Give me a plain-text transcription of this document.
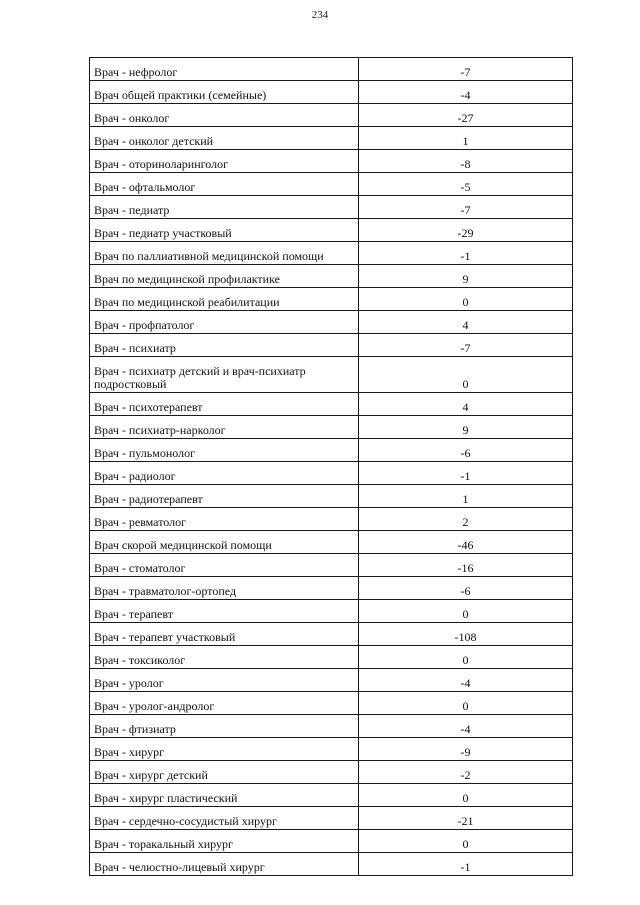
234
Врач - нефролог	-7
Врач общей практики (семейные)	-4
Врач - онколог	-27
Врач - онколог детский	1
Врач - оториноларинголог	-8
Врач - офтальмолог	-5
Врач - педиатр	-7
Врач - педиатр участковый	-29
Врач по паллиативной медицинской помощи	-1
Врач по медицинской профилактике	9
Врач по медицинской реабилитации	0
Врач - профпатолог	4
Врач - психиатр	-7
Врач - психиатр детский и врач-психиатр подростковый	0
Врач - психотерапевт	4
Врач - психиатр-нарколог	9
Врач - пульмонолог	-6
Врач - радиолог	-1
Врач - радиотерапевт	1
Врач - ревматолог	2
Врач скорой медицинской помощи	-46
Врач - стоматолог	-16
Врач - травматолог-ортопед	-6
Врач - терапевт	0
Врач - терапевт участковый	-108
Врач - токсиколог	0
Врач - уролог	-4
Врач - уролог-андролог	0
Врач - фтизиатр	-4
Врач - хирург	-9
Врач - хирург детский	-2
Врач - хирург пластический	0
Врач - сердечно-сосудистый хирург	-21
Врач - торакальный хирург	0
Врач - челюстно-лицевый хирург	-1
